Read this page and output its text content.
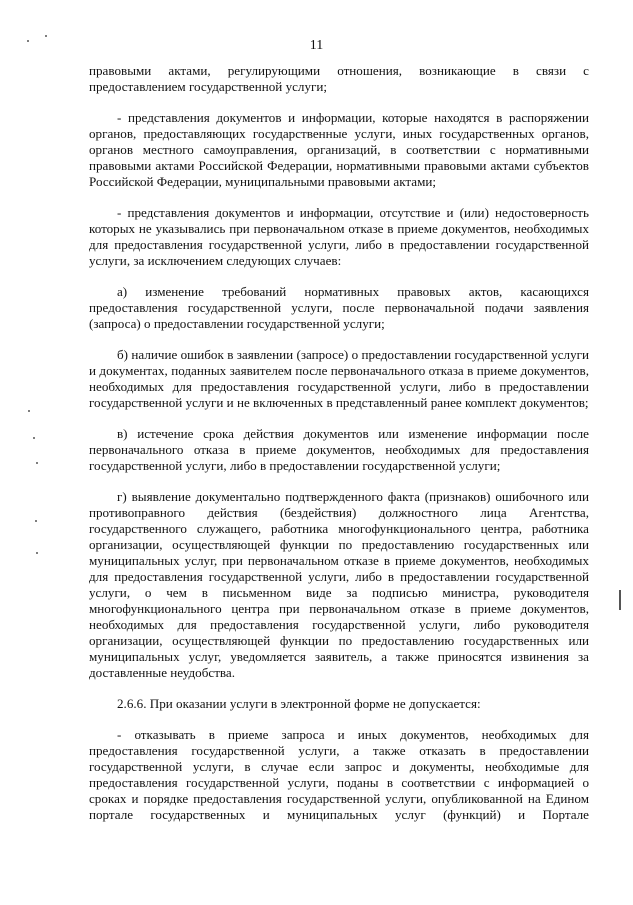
11

правовыми актами, регулирующими отношения, возникающие в связи с предоставлением государственной услуги;

- представления документов и информации, которые находятся в распоряжении органов, предоставляющих государственные услуги, иных государственных органов, органов местного самоуправления, организаций, в соответствии с нормативными правовыми актами Российской Федерации, нормативными правовыми актами субъектов Российской Федерации, муниципальными правовыми актами;

- представления документов и информации, отсутствие и (или) недостоверность которых не указывались при первоначальном отказе в приеме документов, необходимых для предоставления государственной услуги, либо в предоставлении государственной услуги, за исключением следующих случаев:

а) изменение требований нормативных правовых актов, касающихся предоставления государственной услуги, после первоначальной подачи заявления (запроса) о предоставлении государственной услуги;

б) наличие ошибок в заявлении (запросе) о предоставлении государственной услуги и документах, поданных заявителем после первоначального отказа в приеме документов, необходимых для предоставления государственной услуги, либо в предоставлении государственной услуги и не включенных в представленный ранее комплект документов;

в) истечение срока действия документов или изменение информации после первоначального отказа в приеме документов, необходимых для предоставления государственной услуги, либо в предоставлении государственной услуги;

г) выявление документально подтвержденного факта (признаков) ошибочного или противоправного действия (бездействия) должностного лица Агентства, государственного служащего, работника многофункционального центра, работника организации, осуществляющей функции по предоставлению государственных или муниципальных услуг, при первоначальном отказе в приеме документов, необходимых для предоставления государственной услуги, либо в предоставлении государственной услуги, о чем в письменном виде за подписью министра, руководителя многофункционального центра при первоначальном отказе в приеме документов, необходимых для предоставления государственной услуги, либо руководителя организации, осуществляющей функции по предоставлению государственных или муниципальных услуг, уведомляется заявитель, а также приносятся извинения за доставленные неудобства.

2.6.6. При оказании услуги в электронной форме не допускается:

- отказывать в приеме запроса и иных документов, необходимых для предоставления государственной услуги, а также отказать в предоставлении государственной услуги, в случае если запрос и документы, необходимые для предоставления государственной услуги, поданы в соответствии с информацией о сроках и порядке предоставления государственной услуги, опубликованной на Едином портале государственных и муниципальных услуг (функций) и Портале
